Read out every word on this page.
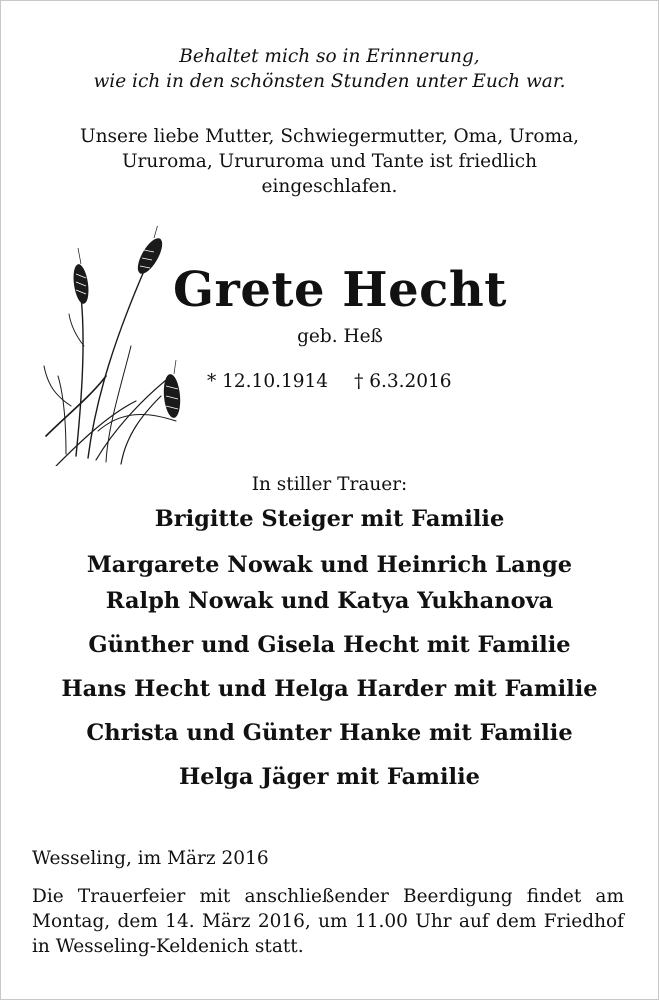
Behaltet mich so in Erinnerung,
wie ich in den schönsten Stunden unter Euch war.
Unsere liebe Mutter, Schwiegermutter, Oma, Uroma,
Ururoma, Urururoma und Tante ist friedlich
eingeschlafen.
Grete Hecht
geb. Heß
* 12.10.1914 † 6.3.2016
In stiller Trauer:
Brigitte Steiger mit Familie
Margarete Nowak und Heinrich Lange
Ralph Nowak und Katya Yukhanova
Günther und Gisela Hecht mit Familie
Hans Hecht und Helga Harder mit Familie
Christa und Günter Hanke mit Familie
Helga Jäger mit Familie
Wesseling, im März 2016
Die Trauerfeier mit anschließender Beerdigung findet am Montag, dem 14. März 2016, um 11.00 Uhr auf dem Friedhof in Wesseling-Keldenich statt.
